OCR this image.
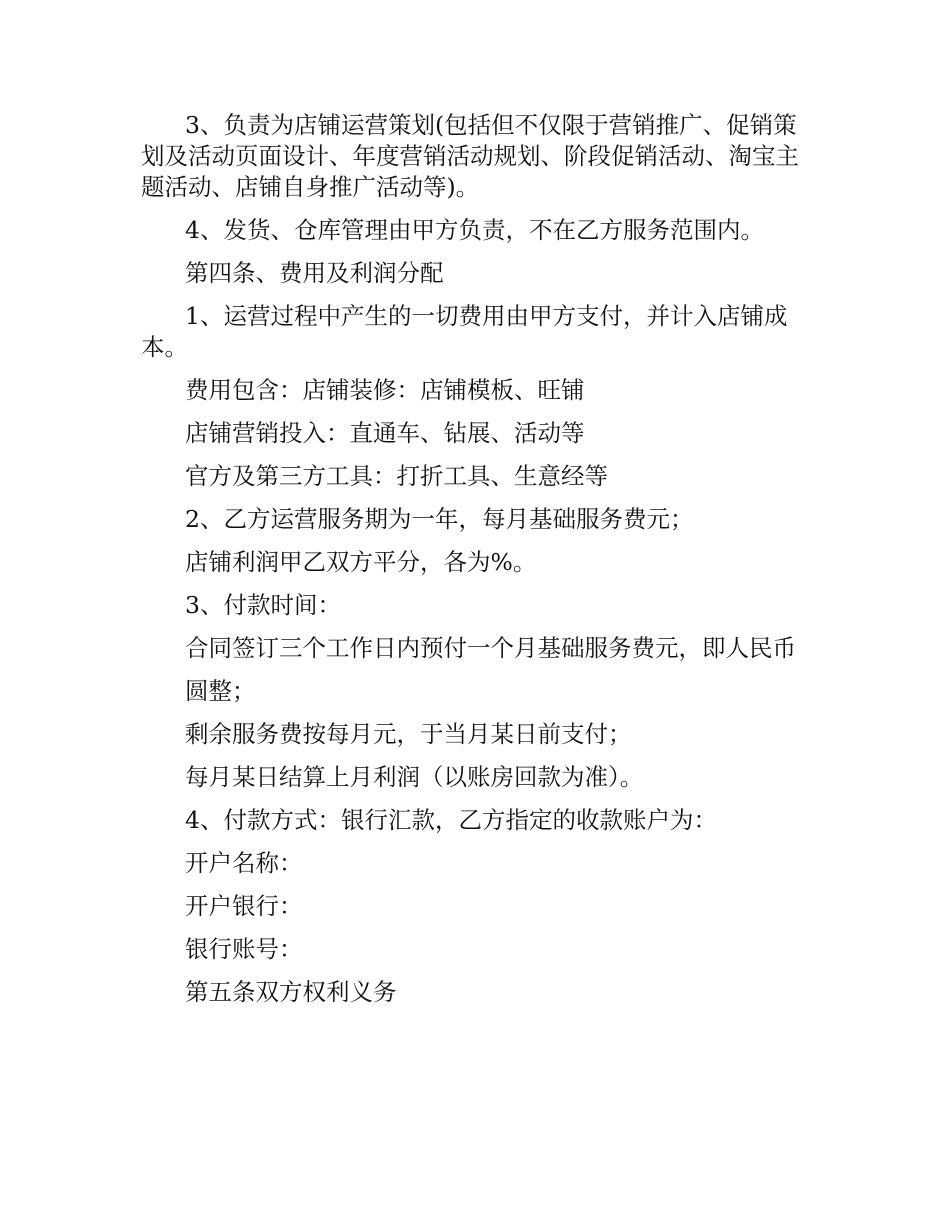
3、负责为店铺运营策划(包括但不仅限于营销推广、促销策划及活动页面设计、年度营销活动规划、阶段促销活动、淘宝主题活动、店铺自身推广活动等)。

4、发货、仓库管理由甲方负责，不在乙方服务范围内。

第四条、费用及利润分配

1、运营过程中产生的一切费用由甲方支付，并计入店铺成本。

费用包含：店铺装修：店铺模板、旺铺

店铺营销投入：直通车、钻展、活动等

官方及第三方工具：打折工具、生意经等

2、乙方运营服务期为一年，每月基础服务费元；

店铺利润甲乙双方平分，各为%。

3、付款时间：

合同签订三个工作日内预付一个月基础服务费元，即人民币

圆整；

剩余服务费按每月元，于当月某日前支付；

每月某日结算上月利润（以账房回款为准）。

4、付款方式：银行汇款，乙方指定的收款账户为：

开户名称：

开户银行：

银行账号：

第五条双方权利义务
